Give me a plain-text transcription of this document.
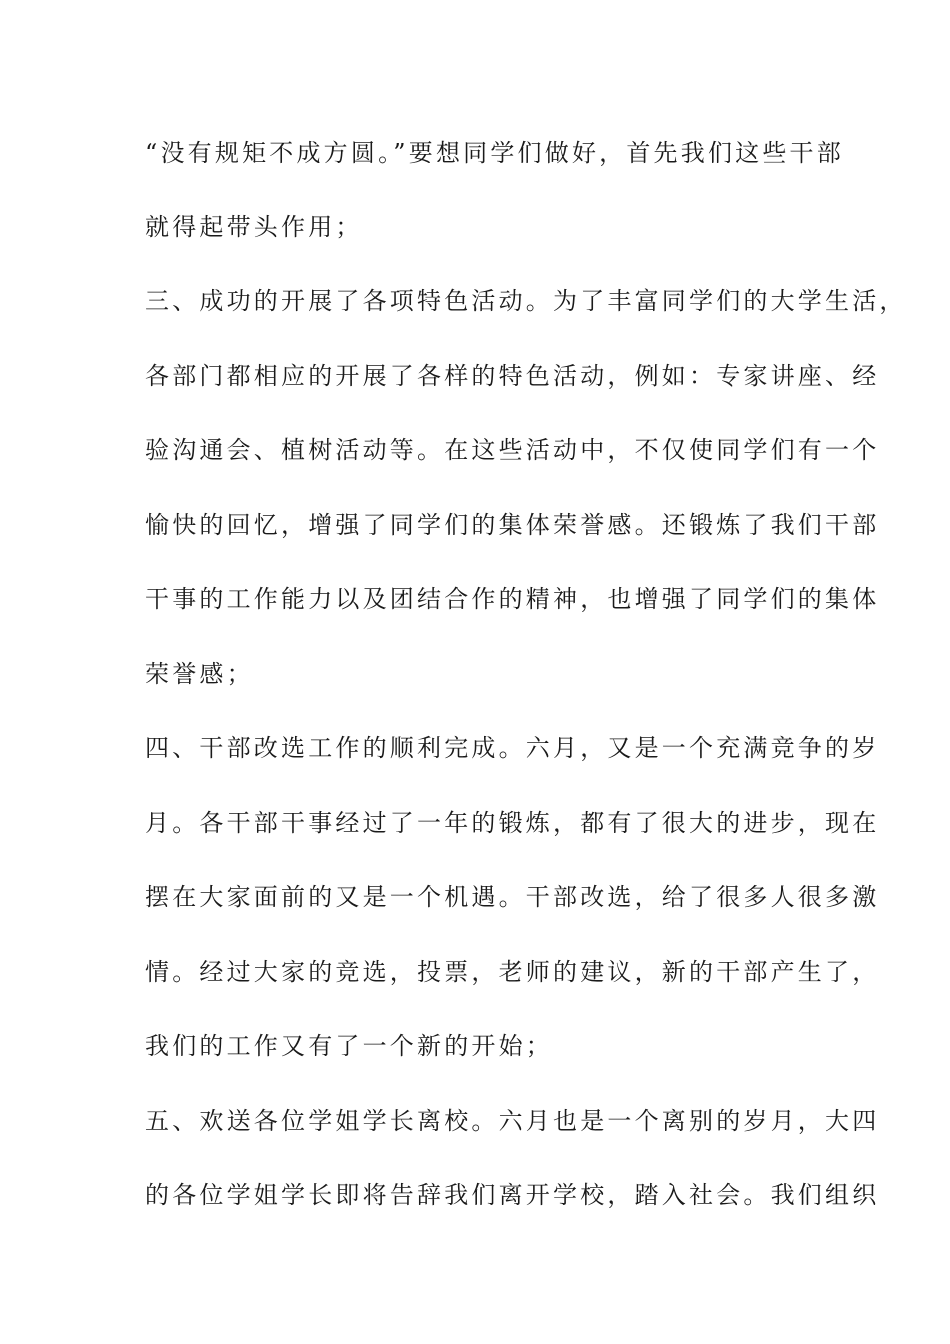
“没有规矩不成方圆。”要想同学们做好，首先我们这些干部
就得起带头作用；
三、成功的开展了各项特色活动。为了丰富同学们的大学生活，
各部门都相应的开展了各样的特色活动，例如：专家讲座、经
验沟通会、植树活动等。在这些活动中，不仅使同学们有一个
愉快的回忆，增强了同学们的集体荣誉感。还锻炼了我们干部
干事的工作能力以及团结合作的精神，也增强了同学们的集体
荣誉感；
四、干部改选工作的顺利完成。六月，又是一个充满竞争的岁
月。各干部干事经过了一年的锻炼，都有了很大的进步，现在
摆在大家面前的又是一个机遇。干部改选，给了很多人很多激
情。经过大家的竞选，投票，老师的建议，新的干部产生了，
我们的工作又有了一个新的开始；
五、欢送各位学姐学长离校。六月也是一个离别的岁月，大四
的各位学姐学长即将告辞我们离开学校，踏入社会。我们组织
